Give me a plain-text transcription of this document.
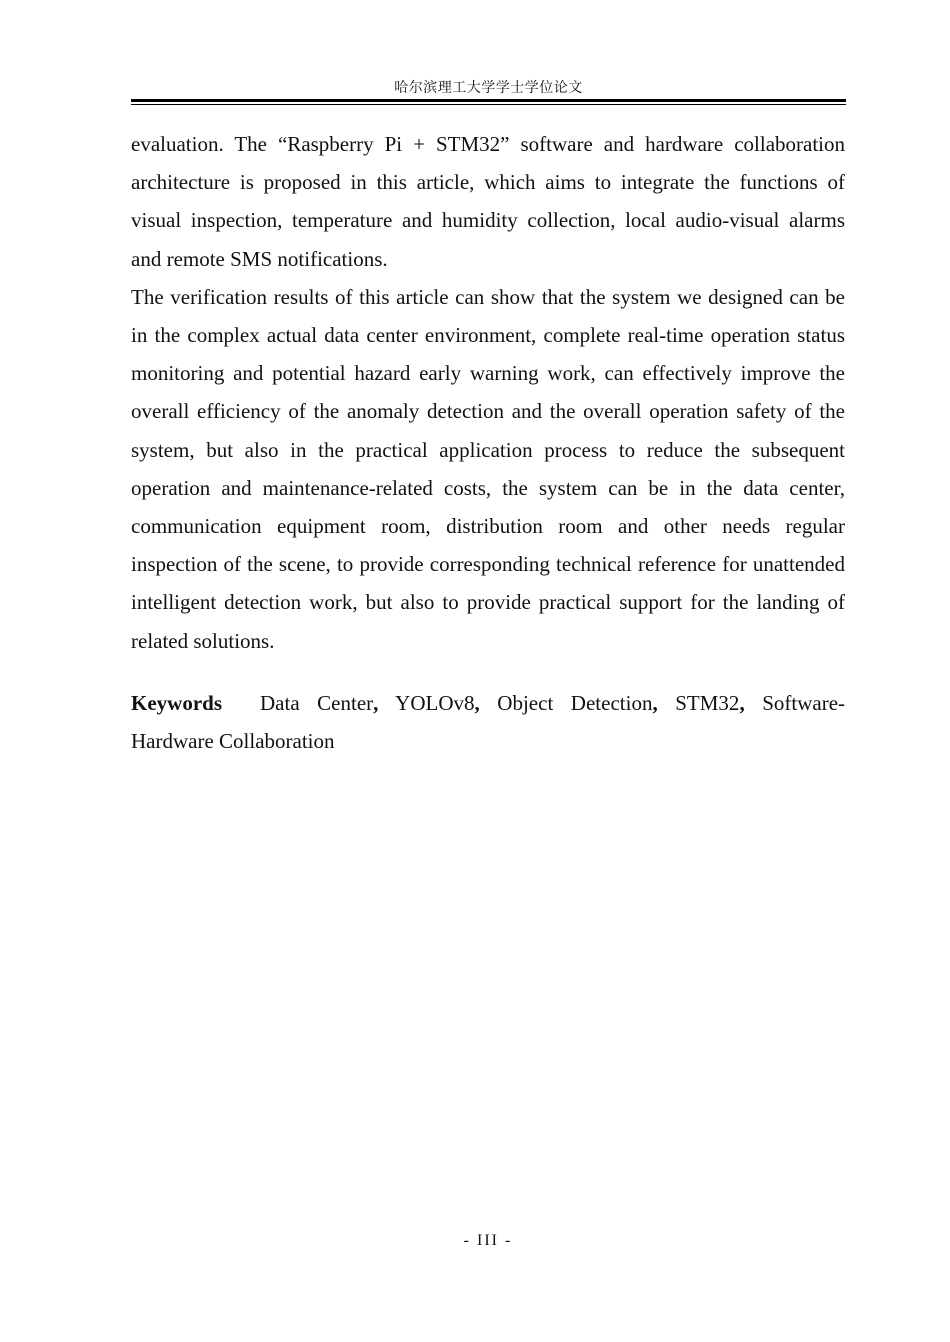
哈尔滨理工大学学士学位论文

evaluation. The “Raspberry Pi + STM32” software and hardware collaboration architecture is proposed in this article, which aims to integrate the functions of visual inspection, temperature and humidity collection, local audio-visual alarms and remote SMS notifications.

The verification results of this article can show that the system we designed can be in the complex actual data center environment, complete real-time operation status monitoring and potential hazard early warning work, can effectively improve the overall efficiency of the anomaly detection and the overall operation safety of the system, but also in the practical application process to reduce the subsequent operation and maintenance-related costs, the system can be in the data center, communication equipment room, distribution room and other needs regular inspection of the scene, to provide corresponding technical reference for unattended intelligent detection work, but also to provide practical support for the landing of related solutions.

Keywords Data Center, YOLOv8, Object Detection, STM32, Software-Hardware Collaboration
- III -
